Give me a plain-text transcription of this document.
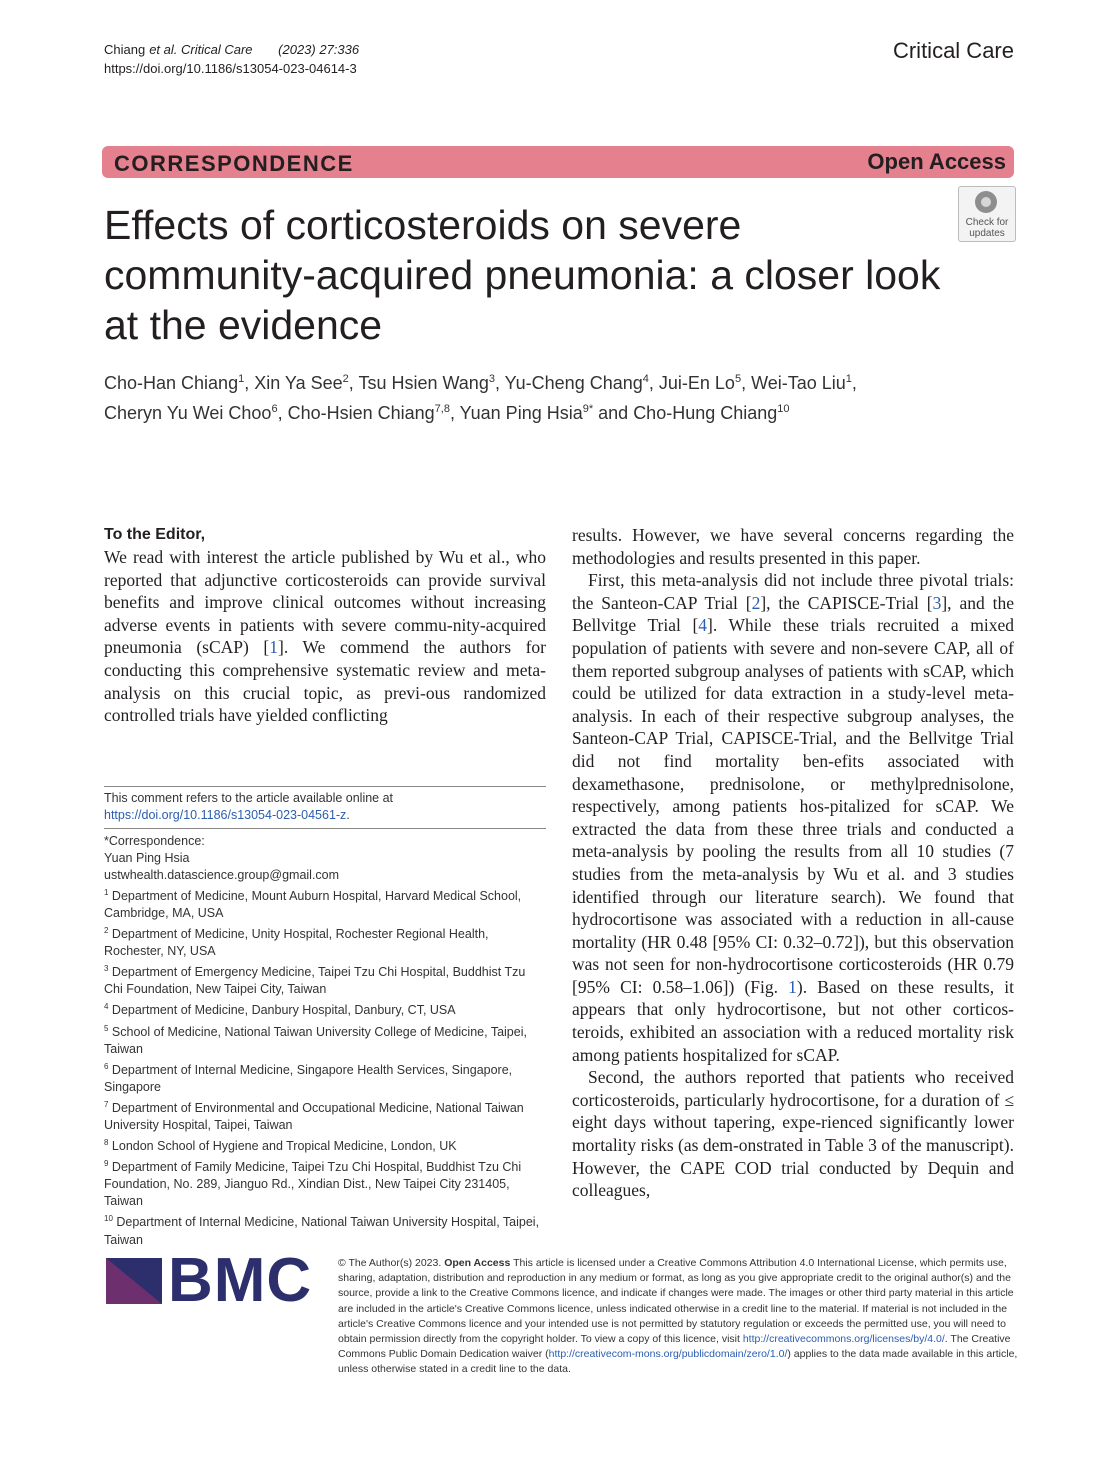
Chiang et al. Critical Care (2023) 27:336
https://doi.org/10.1186/s13054-023-04614-3
Critical Care
CORRESPONDENCE	Open Access
Effects of corticosteroids on severe community-acquired pneumonia: a closer look at the evidence
Check for
updates
Cho-Han Chiang$^1$, Xin Ya See$^2$, Tsu Hsien Wang$^3$, Yu-Cheng Chang$^4$, Jui-En Lo$^5$, Wei-Tao Liu$^1$,
Cheryn Yu Wei Choo$^6$, Cho-Hsien Chiang$^{7,8}$, Yuan Ping Hsia$^{9*}$ and Cho-Hung Chiang$^{10}$
To the Editor,

We read with interest the article published by Wu et al., who reported that adjunctive corticosteroids can provide survival benefits and improve clinical outcomes without increasing adverse events in patients with severe commu-nity-acquired pneumonia (sCAP) [1]. We commend the authors for conducting this comprehensive systematic review and meta-analysis on this crucial topic, as previ-ous randomized controlled trials have yielded conflicting

This comment refers to the article available online at https://doi.org/10.1186/s13054-023-04561-z.
*Correspondence:
Yuan Ping Hsia
ustwhealth.datascience.group@gmail.com
$^1$ Department of Medicine, Mount Auburn Hospital, Harvard Medical School, Cambridge, MA, USA
$^2$ Department of Medicine, Unity Hospital, Rochester Regional Health, Rochester, NY, USA
$^3$ Department of Emergency Medicine, Taipei Tzu Chi Hospital, Buddhist Tzu Chi Foundation, New Taipei City, Taiwan
$^4$ Department of Medicine, Danbury Hospital, Danbury, CT, USA
$^5$ School of Medicine, National Taiwan University College of Medicine, Taipei, Taiwan
$^6$ Department of Internal Medicine, Singapore Health Services, Singapore, Singapore
$^7$ Department of Environmental and Occupational Medicine, National Taiwan University Hospital, Taipei, Taiwan
$^8$ London School of Hygiene and Tropical Medicine, London, UK
$^9$ Department of Family Medicine, Taipei Tzu Chi Hospital, Buddhist Tzu Chi Foundation, No. 289, Jianguo Rd., Xindian Dist., New Taipei City 231405, Taiwan
$^{10}$ Department of Internal Medicine, National Taiwan University Hospital, Taipei, Taiwan

results. However, we have several concerns regarding the methodologies and results presented in this paper.

First, this meta-analysis did not include three pivotal trials: the Santeon-CAP Trial [2], the CAPISCE-Trial [3], and the Bellvitge Trial [4]. While these trials recruited a mixed population of patients with severe and non-severe CAP, all of them reported subgroup analyses of patients with sCAP, which could be utilized for data extraction in a study-level meta-analysis. In each of their respective subgroup analyses, the Santeon-CAP Trial, CAPISCE-Trial, and the Bellvitge Trial did not find mortality ben-efits associated with dexamethasone, prednisolone, or methylprednisolone, respectively, among patients hos-pitalized for sCAP. We extracted the data from these three trials and conducted a meta-analysis by pooling the results from all 10 studies (7 studies from the meta-analysis by Wu et al. and 3 studies identified through our literature search). We found that hydrocortisone was associated with a reduction in all-cause mortality (HR 0.48 [95% CI: 0.32–0.72]), but this observation was not seen for non-hydrocortisone corticosteroids (HR 0.79 [95% CI: 0.58–1.06]) (Fig. 1). Based on these results, it appears that only hydrocortisone, but not other corticos-teroids, exhibited an association with a reduced mortality risk among patients hospitalized for sCAP.

Second, the authors reported that patients who received corticosteroids, particularly hydrocortisone, for a duration of ≤ eight days without tapering, expe-rienced significantly lower mortality risks (as dem-onstrated in Table 3 of the manuscript). However, the CAPE COD trial conducted by Dequin and colleagues,

BMC © The Author(s) 2023. Open Access This article is licensed under a Creative Commons Attribution 4.0 International License, which permits use, sharing, adaptation, distribution and reproduction in any medium or format, as long as you give appropriate credit to the original author(s) and the source, provide a link to the Creative Commons licence, and indicate if changes were made. The images or other third party material in this article are included in the article's Creative Commons licence, unless indicated otherwise in a credit line to the material. If material is not included in the article's Creative Commons licence and your intended use is not permitted by statutory regulation or exceeds the permitted use, you will need to obtain permission directly from the copyright holder. To view a copy of this licence, visit http://creativecommons.org/licenses/by/4.0/. The Creative Commons Public Domain Dedication waiver (http://creativecom-mons.org/publicdomain/zero/1.0/) applies to the data made available in this article, unless otherwise stated in a credit line to the data.
